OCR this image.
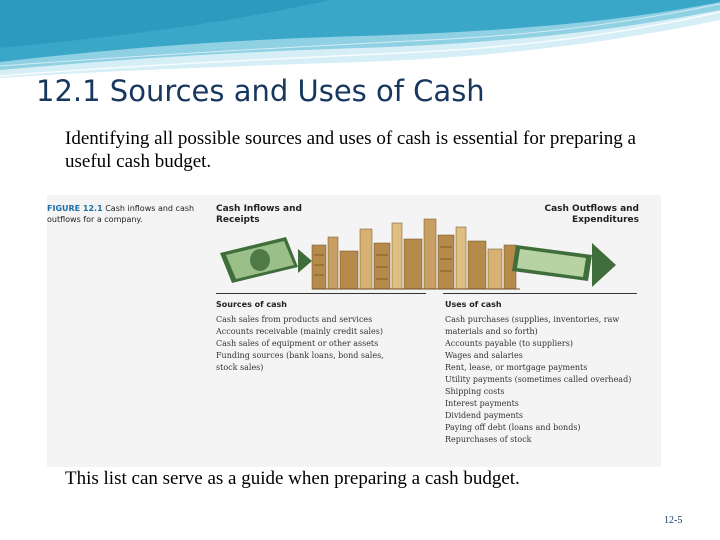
12.1 Sources and Uses of Cash

Identifying all possible sources and uses of cash is essential for preparing a useful cash budget.

FIGURE 12.1 Cash inflows and cash outflows for a company.
Cash Inflows and Receipts
Cash Outflows and Expenditures
Sources of cash
Cash sales from products and services
Accounts receivable (mainly credit sales)
Cash sales of equipment or other assets
Funding sources (bank loans, bond sales, stock sales)
Uses of cash
Cash purchases (supplies, inventories, raw materials and so forth)
Accounts payable (to suppliers)
Wages and salaries
Rent, lease, or mortgage payments
Utility payments (sometimes called overhead)
Shipping costs
Interest payments
Dividend payments
Paying off debt (loans and bonds)
Repurchases of stock

This list can serve as a guide when preparing a cash budget.

12-5
